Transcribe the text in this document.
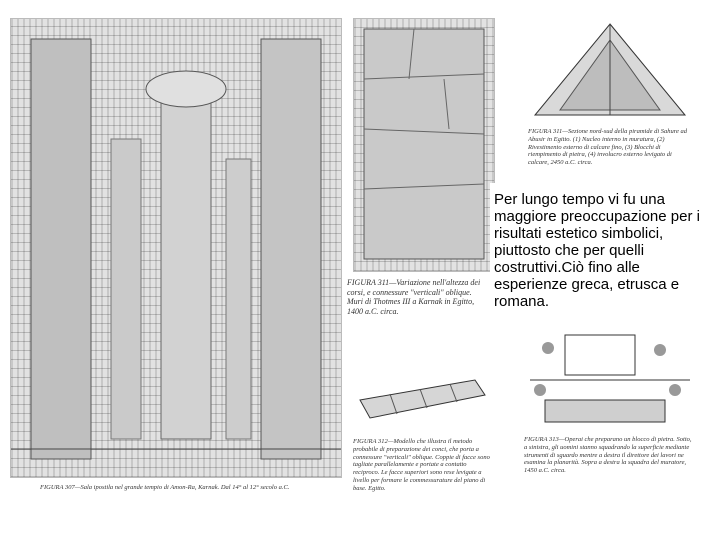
FIGURA 307—Sala ipostila nel grande tempio di Amon-Ra, Karnak. Dal 14° al 12° secolo a.C.
FIGURA 311—Variazione nell'altezza dei corsi, e connessure "verticali" oblique. Muri di Thotmes III a Karnak in Egitto, 1400 a.C. circa.
FIGURA 311—Sezione nord-sud della piramide di Sahure ad Abusir in Egitto. (1) Nucleo interno in muratura, (2) Rivestimento esterno di calcare fino, (3) Blocchi di riempimento di pietra, (4) involucro esterno levigato di calcare, 2450 a.C. circa.

Per lungo tempo vi fu una maggiore preoccupazione per i risultati estetico simbolici, piuttosto che per quelli costruttivi.Ciò fino alle esperienze greca, etrusca e romana.

FIGURA 312—Modello che illustra il metodo probabile di preparazione dei conci, che porta a connessure "verticali" oblique. Coppie di facce sono tagliate parallelamente e portate a contatto reciproco. Le facce superiori sono rese levigate a livello per formare le commessurature del piano di base. Egitto.
FIGURA 313—Operai che preparano un blocco di pietra. Sotto, a sinistra, gli uomini stanno squadrando la superficie mediante strumenti di sguardo mentre a destra il direttore dei lavori ne esamina la planarità. Sopra a destra la squadra del muratore, 1450 a.C. circa.
